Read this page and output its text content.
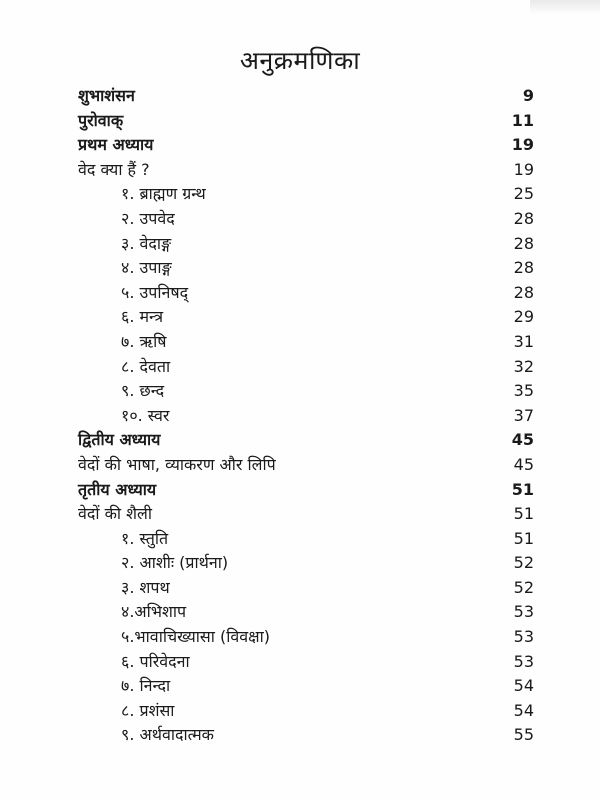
अनुक्रमणिका
शुभाशंसन	9
पुरोवाक्	11
प्रथम अध्याय	19
वेद क्या हैं ?	19
१. ब्राह्मण ग्रन्थ	25
२. उपवेद	28
३. वेदाङ्ग	28
४. उपाङ्ग	28
५. उपनिषद्	28
६. मन्त्र	29
७. ऋषि	31
८. देवता	32
९. छन्द	35
१०. स्वर	37
द्वितीय अध्याय	45
वेदों की भाषा, व्याकरण और लिपि	45
तृतीय अध्याय	51
वेदों की शैली	51
१. स्तुति	51
२. आशीः (प्रार्थना)	52
३. शपथ	52
४.अभिशाप	53
५.भावाचिख्यासा (विवक्षा)	53
६. परिवेदना	53
७. निन्दा	54
८. प्रशंसा	54
९. अर्थवादात्मक	55
